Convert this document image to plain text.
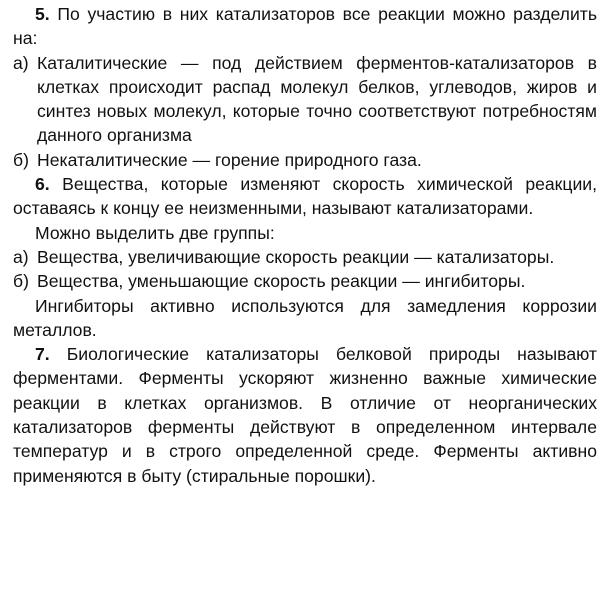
5. По участию в них катализаторов все реакции можно разделить на:

а) Каталитические — под действием ферментов-катализаторов в клетках происходит распад молекул белков, углеводов, жиров и синтез новых молекул, которые точно соответствуют потребностям данного организма
б) Некаталитические — горение природного газа.

6. Вещества, которые изменяют скорость химической реакции, оставаясь к концу ее неизменными, называют катализаторами.

Можно выделить две группы:

а) Вещества, увеличивающие скорость реакции — катализаторы.
б) Вещества, уменьшающие скорость реакции — ингибиторы.

Ингибиторы активно используются для замедления коррозии металлов.

7. Биологические катализаторы белковой природы называют ферментами. Ферменты ускоряют жизненно важные химические реакции в клетках организмов. В отличие от неорганических катализаторов ферменты действуют в определенном интервале температур и в строго определенной среде. Ферменты активно применяются в быту (стиральные порошки).
